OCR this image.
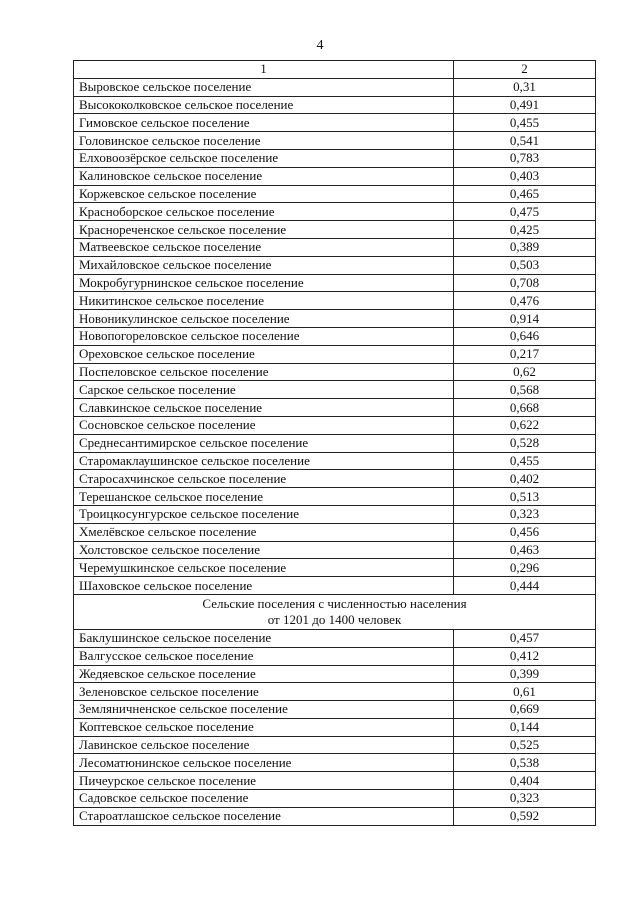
4
1	2
Выровское сельское поселение	0,31
Высококолковское сельское поселение	0,491
Гимовское сельское поселение	0,455
Головинское сельское поселение	0,541
Елховоозёрское сельское поселение	0,783
Калиновское сельское поселение	0,403
Коржевское сельское поселение	0,465
Красноборское сельское поселение	0,475
Краснореченское сельское поселение	0,425
Матвеевское сельское поселение	0,389
Михайловское сельское поселение	0,503
Мокробугурнинское сельское поселение	0,708
Никитинское сельское поселение	0,476
Новоникулинское сельское поселение	0,914
Новопогореловское сельское поселение	0,646
Ореховское сельское поселение	0,217
Поспеловское сельское поселение	0,62
Сарское сельское поселение	0,568
Славкинское сельское поселение	0,668
Сосновское сельское поселение	0,622
Среднесантимирское сельское поселение	0,528
Старомаклаушинское сельское поселение	0,455
Старосахчинское сельское поселение	0,402
Терешанское сельское поселение	0,513
Троицкосунгурское сельское поселение	0,323
Хмелёвское сельское поселение	0,456
Холстовское сельское поселение	0,463
Черемушкинское сельское поселение	0,296
Шаховское сельское поселение	0,444

Сельские поселения с численностью населения
от 1201 до 1400 человек	

Баклушинское сельское поселение	0,457
Валгусское сельское поселение	0,412
Жедяевское сельское поселение	0,399
Зеленовское сельское поселение	0,61
Земляничненское сельское поселение	0,669
Коптевское сельское поселение	0,144
Лавинское сельское поселение	0,525
Лесоматюнинское сельское поселение	0,538
Пичеурское сельское поселение	0,404
Садовское сельское поселение	0,323
Староатлашское сельское поселение	0,592
